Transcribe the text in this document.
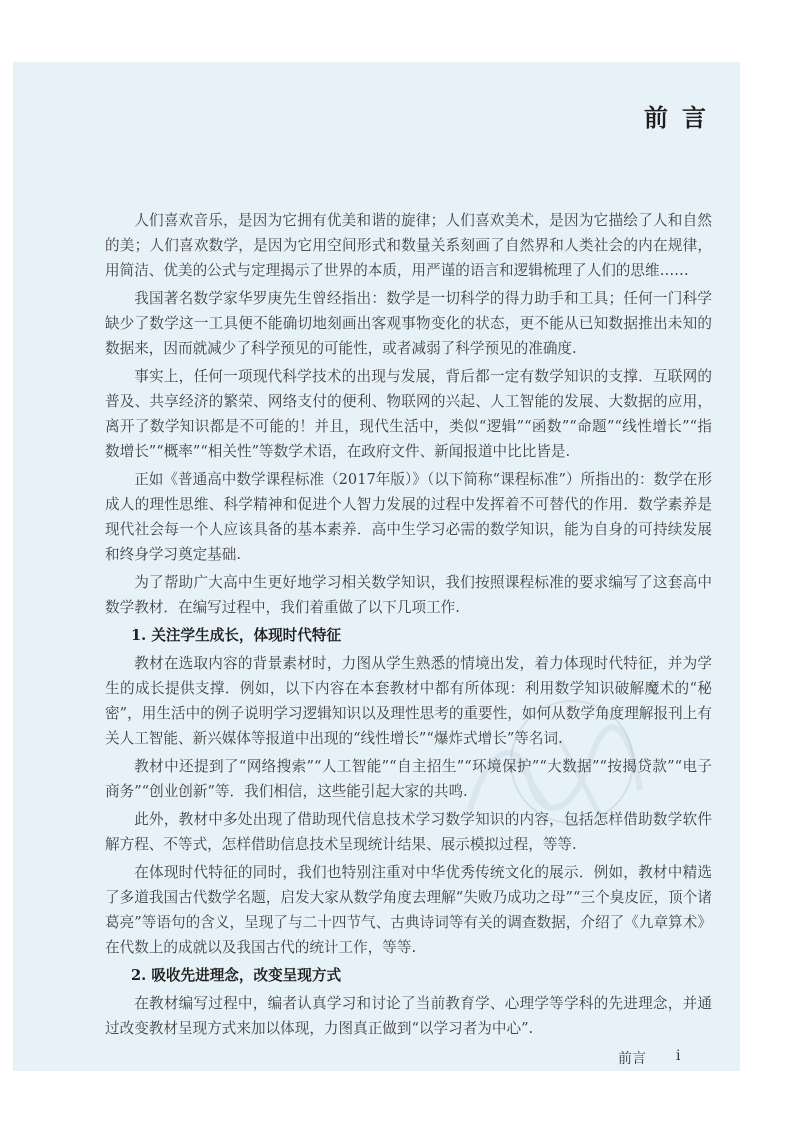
前言

人们喜欢音乐，是因为它拥有优美和谐的旋律；人们喜欢美术，是因为它描绘了人和自然的美；人们喜欢数学，是因为它用空间形式和数量关系刻画了自然界和人类社会的内在规律，用简洁、优美的公式与定理揭示了世界的本质，用严谨的语言和逻辑梳理了人们的思维……

我国著名数学家华罗庚先生曾经指出：数学是一切科学的得力助手和工具；任何一门科学缺少了数学这一工具便不能确切地刻画出客观事物变化的状态，更不能从已知数据推出未知的数据来，因而就减少了科学预见的可能性，或者减弱了科学预见的准确度.

事实上，任何一项现代科学技术的出现与发展，背后都一定有数学知识的支撑．互联网的普及、共享经济的繁荣、网络支付的便利、物联网的兴起、人工智能的发展、大数据的应用，离开了数学知识都是不可能的！并且，现代生活中，类似“逻辑”“函数”“命题”“线性增长”“指数增长”“概率”“相关性”等数学术语，在政府文件、新闻报道中比比皆是.

正如《普通高中数学课程标准（2017年版）》（以下简称“课程标准”）所指出的：数学在形成人的理性思维、科学精神和促进个人智力发展的过程中发挥着不可替代的作用．数学素养是现代社会每一个人应该具备的基本素养．高中生学习必需的数学知识，能为自身的可持续发展和终身学习奠定基础.

为了帮助广大高中生更好地学习相关数学知识，我们按照课程标准的要求编写了这套高中数学教材．在编写过程中，我们着重做了以下几项工作.

1. 关注学生成长，体现时代特征

教材在选取内容的背景素材时，力图从学生熟悉的情境出发，着力体现时代特征，并为学生的成长提供支撑．例如，以下内容在本套教材中都有所体现：利用数学知识破解魔术的“秘密”，用生活中的例子说明学习逻辑知识以及理性思考的重要性，如何从数学角度理解报刊上有关人工智能、新兴媒体等报道中出现的“线性增长”“爆炸式增长”等名词.

教材中还提到了“网络搜索”“人工智能”“自主招生”“环境保护”“大数据”“按揭贷款”“电子商务”“创业创新”等．我们相信，这些能引起大家的共鸣.

此外，教材中多处出现了借助现代信息技术学习数学知识的内容，包括怎样借助数学软件解方程、不等式，怎样借助信息技术呈现统计结果、展示模拟过程，等等.

在体现时代特征的同时，我们也特别注重对中华优秀传统文化的展示．例如，教材中精选了多道我国古代数学名题，启发大家从数学角度去理解“失败乃成功之母”“三个臭皮匠，顶个诸葛亮”等语句的含义，呈现了与二十四节气、古典诗词等有关的调查数据，介绍了《九章算术》在代数上的成就以及我国古代的统计工作，等等.

2. 吸收先进理念，改变呈现方式

在教材编写过程中，编者认真学习和讨论了当前教育学、心理学等学科的先进理念，并通过改变教材呈现方式来加以体现，力图真正做到“以学习者为中心”.

前言 i
